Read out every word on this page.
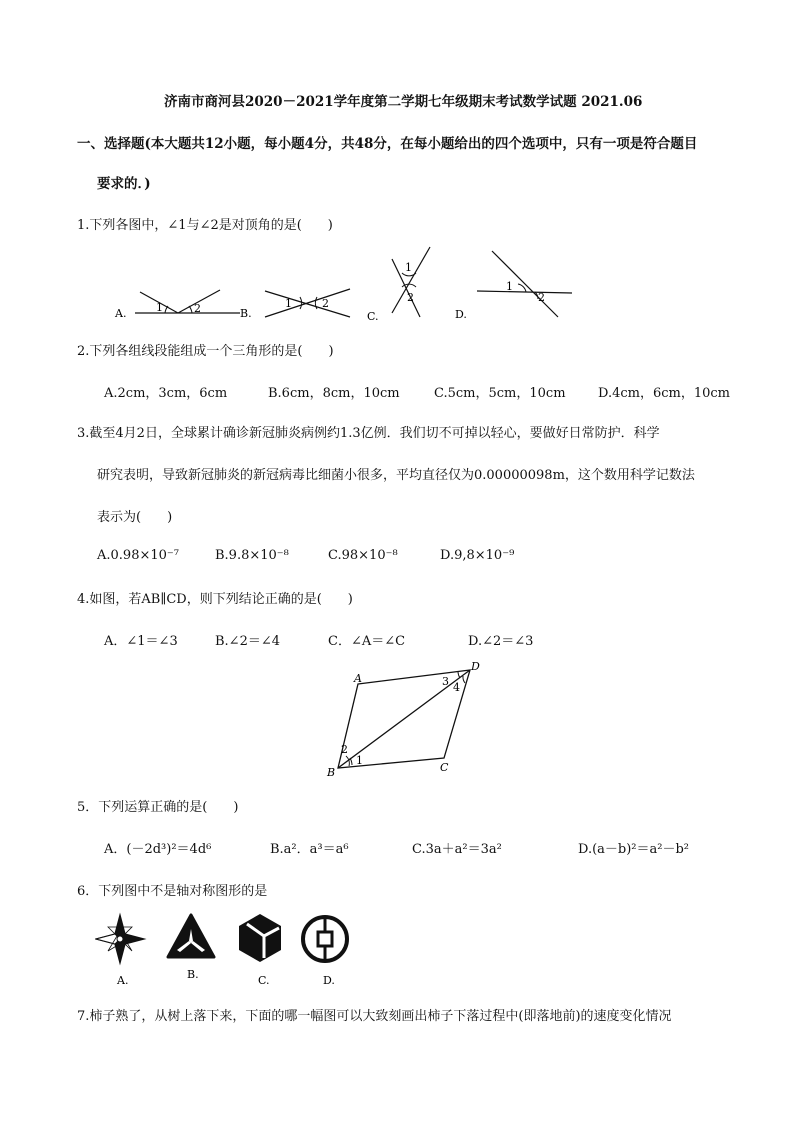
济南市商河县2020－2021学年度第二学期七年级期末考试数学试题 2021.06
一、选择题(本大题共12小题，每小题4分，共48分，在每小题给出的四个选项中，只有一项是符合题目
要求的．)
1.下列各图中，∠1与∠2是对顶角的是(　　)
1	2
A.
1	2
B.
1
2
C.
1
2
D.
2.下列各组线段能组成一个三角形的是(　　)
A.2cm，3cm，6cm	B.6cm，8cm，10cm	C.5cm，5cm，10cm D.4cm，6cm，10cm
3.截至4月2日，全球累计确诊新冠肺炎病例约1.3亿例．我们切不可掉以轻心，要做好日常防护．科学
研究表明，导致新冠肺炎的新冠病毒比细菌小很多，平均直径仅为0.00000098m，这个数用科学记数法
表示为(　　)
A.0.98×10⁻⁷	B.9.8×10⁻⁸	C.98×10⁻⁸	D.9,8×10⁻⁹
4.如图，若AB∥CD，则下列结论正确的是(　　)
A．∠1＝∠3	B.∠2＝∠4	C．∠A＝∠C	D.∠2＝∠3
A
B	C
D
1
2
3 4
5．下列运算正确的是(　　)
A．(－2d³)²＝4d⁶	B.a²．a³＝a⁶	C.3a＋a²＝3a²	D.(a－b)²＝a²－b²
6．下列图中不是轴对称图形的是
A.	B.	C.	D.
7.柿子熟了，从树上落下来，下面的哪一幅图可以大致刻画出柿子下落过程中(即落地前)的速度变化情况
